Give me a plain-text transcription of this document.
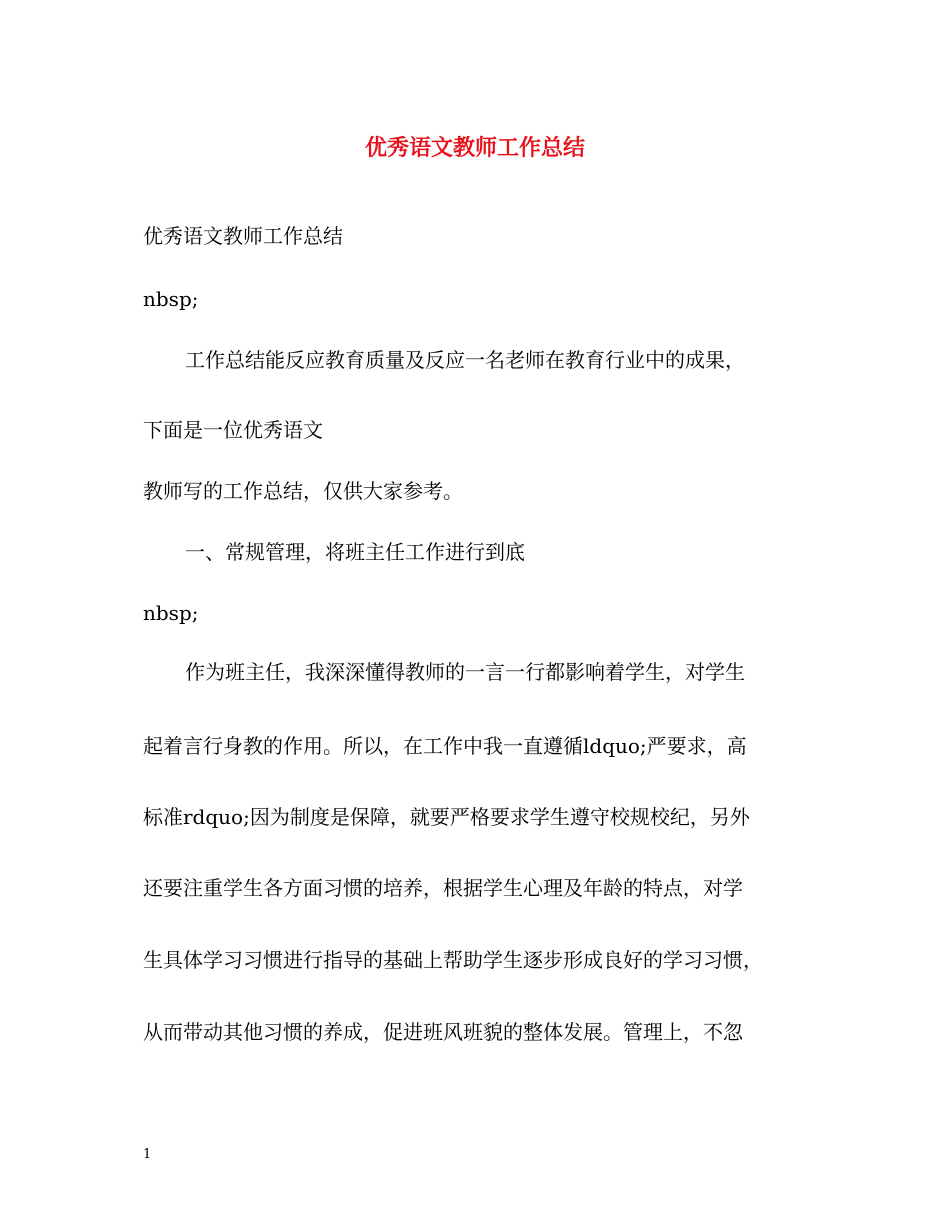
优秀语文教师工作总结

优秀语文教师工作总结

nbsp;

工作总结能反应教育质量及反应一名老师在教育行业中的成果，

下面是一位优秀语文

教师写的工作总结，仅供大家参考。

一、常规管理，将班主任工作进行到底

nbsp;

作为班主任，我深深懂得教师的一言一行都影响着学生，对学生

起着言行身教的作用。所以，在工作中我一直遵循ldquo;严要求，高

标准rdquo;因为制度是保障，就要严格要求学生遵守校规校纪，另外

还要注重学生各方面习惯的培养，根据学生心理及年龄的特点，对学

生具体学习习惯进行指导的基础上帮助学生逐步形成良好的学习习惯，

从而带动其他习惯的养成，促进班风班貌的整体发展。管理上，不忽

1
